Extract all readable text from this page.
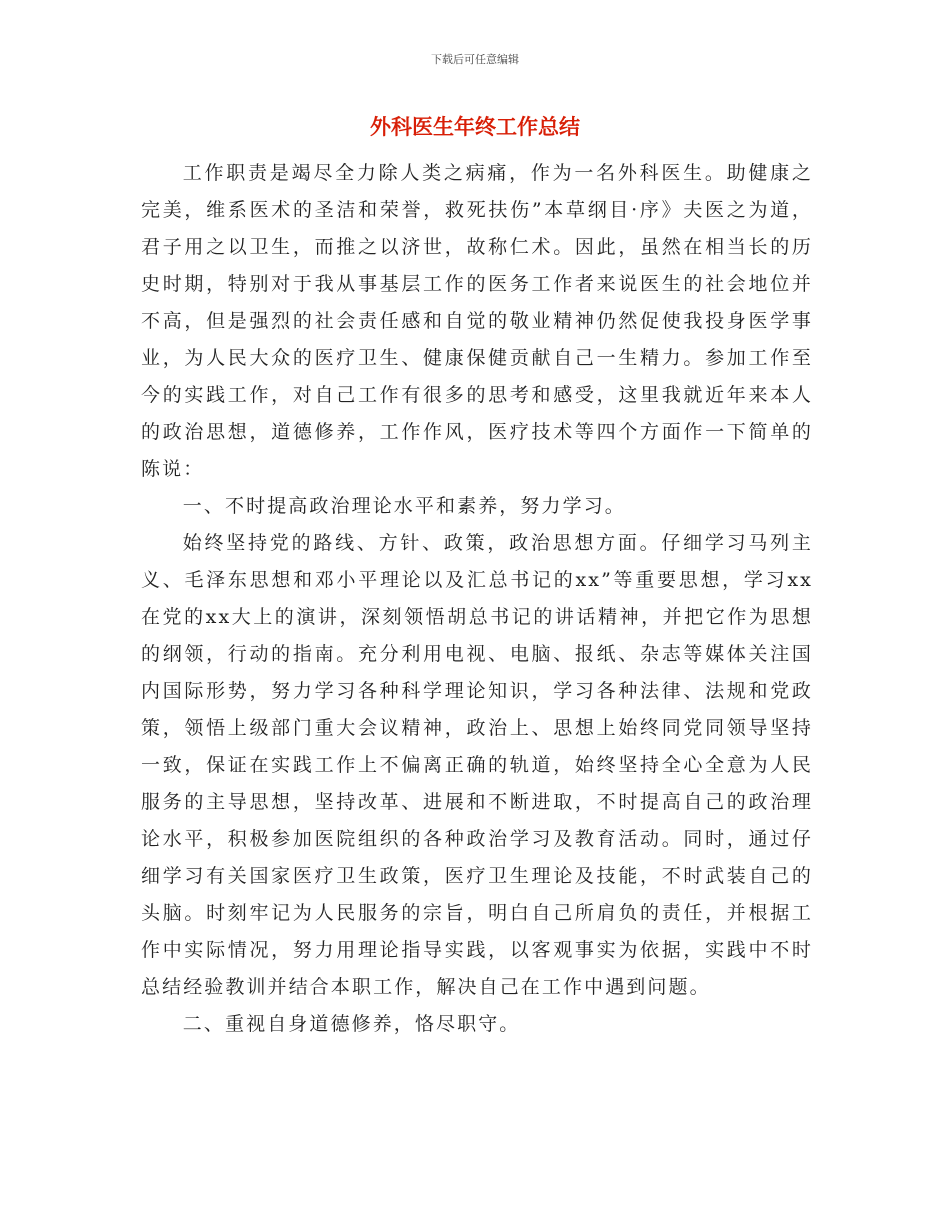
下载后可任意编辑
外科医生年终工作总结

工作职责是竭尽全力除人类之病痛，作为一名外科医生。助健康之完美，维系医术的圣洁和荣誉，救死扶伤”本草纲目·序》夫医之为道，君子用之以卫生，而推之以济世，故称仁术。因此，虽然在相当长的历史时期，特别对于我从事基层工作的医务工作者来说医生的社会地位并不高，但是强烈的社会责任感和自觉的敬业精神仍然促使我投身医学事业，为人民大众的医疗卫生、健康保健贡献自己一生精力。参加工作至今的实践工作，对自己工作有很多的思考和感受，这里我就近年来本人的政治思想，道德修养，工作作风，医疗技术等四个方面作一下简单的陈说：

一、不时提高政治理论水平和素养，努力学习。

始终坚持党的路线、方针、政策，政治思想方面。仔细学习马列主义、毛泽东思想和邓小平理论以及汇总书记的xx”等重要思想，学习xx在党的xx大上的演讲，深刻领悟胡总书记的讲话精神，并把它作为思想的纲领，行动的指南。充分利用电视、电脑、报纸、杂志等媒体关注国内国际形势，努力学习各种科学理论知识，学习各种法律、法规和党政策，领悟上级部门重大会议精神，政治上、思想上始终同党同领导坚持一致，保证在实践工作上不偏离正确的轨道，始终坚持全心全意为人民服务的主导思想，坚持改革、进展和不断进取，不时提高自己的政治理论水平，积极参加医院组织的各种政治学习及教育活动。同时，通过仔细学习有关国家医疗卫生政策，医疗卫生理论及技能，不时武装自己的头脑。时刻牢记为人民服务的宗旨，明白自己所肩负的责任，并根据工作中实际情况，努力用理论指导实践，以客观事实为依据，实践中不时总结经验教训并结合本职工作，解决自己在工作中遇到问题。

二、重视自身道德修养，恪尽职守。
